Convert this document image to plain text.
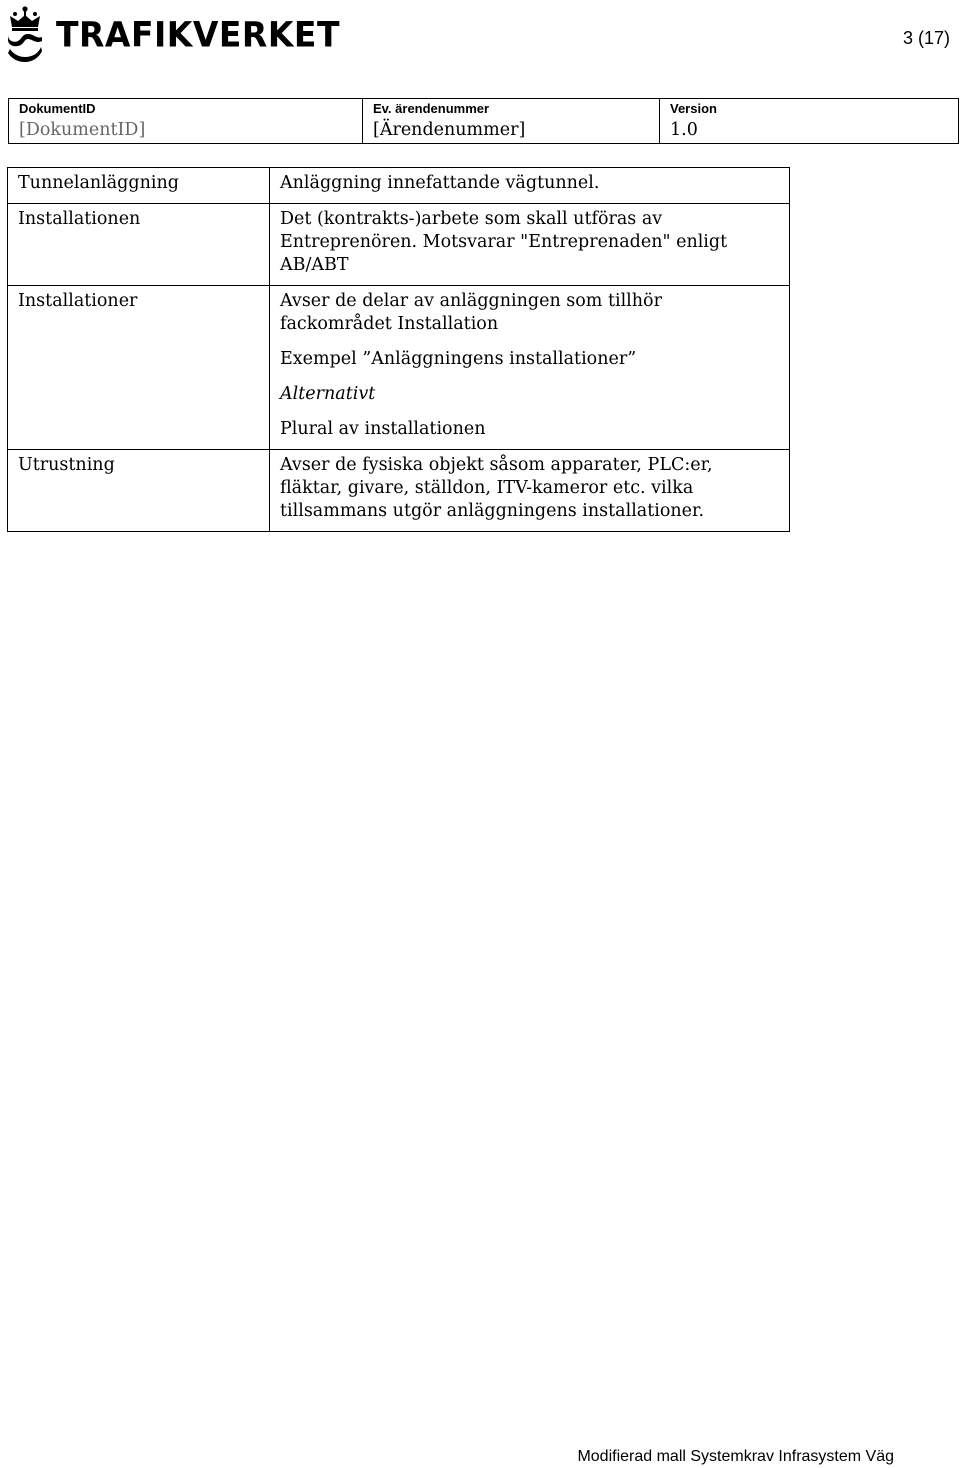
TRAFIKVERKET	3 (17)
DokumentID
[DokumentID]

Ev. ärendenummer
[Ärendenummer]

Version
1.0
Tunnelanläggning	Anläggning innefattande vägtunnel.

Installationen	Det (kontrakts-)arbete som skall utföras av Entreprenören. Motsvarar "Entreprenaden" enligt AB/ABT

Installationer	Avser de delar av anläggningen som tillhör fackområdet Installation

Exempel ”Anläggningens installationer”

Alternativt

Plural av installationen

Utrustning	Avser de fysiska objekt såsom apparater, PLC:er, fläktar, givare, ställdon, ITV-kameror etc. vilka tillsammans utgör anläggningens installationer.

Modifierad mall Systemkrav Infrasystem Väg
